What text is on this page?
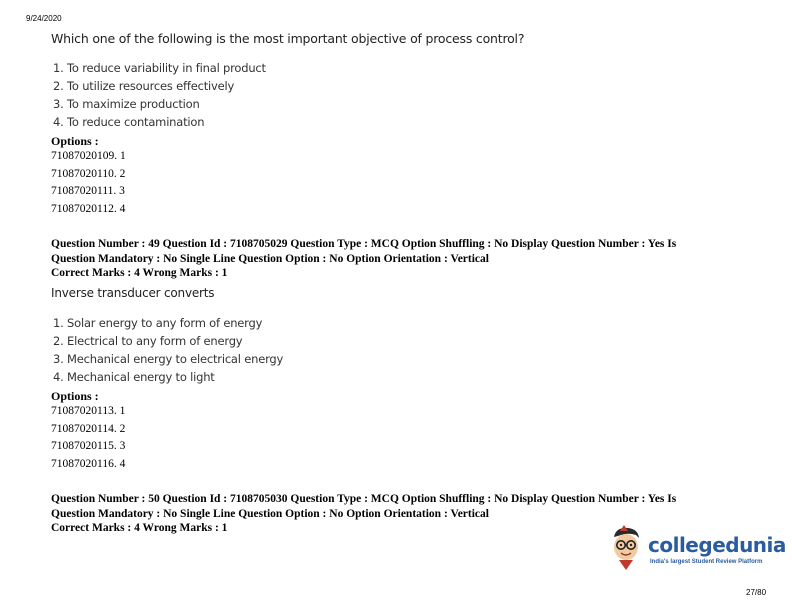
9/24/2020
Which one of the following is the most important objective of process control?
1. To reduce variability in final product
2. To utilize resources effectively
3. To maximize production
4. To reduce contamination
Options :
71087020109. 1
71087020110. 2
71087020111. 3
71087020112. 4
Question Number : 49 Question Id : 7108705029 Question Type : MCQ Option Shuffling : No Display Question Number : Yes Is
Question Mandatory : No Single Line Question Option : No Option Orientation : Vertical
Correct Marks : 4 Wrong Marks : 1
Inverse transducer converts
1. Solar energy to any form of energy
2. Electrical to any form of energy
3. Mechanical energy to electrical energy
4. Mechanical energy to light
Options :
71087020113. 1
71087020114. 2
71087020115. 3
71087020116. 4
Question Number : 50 Question Id : 7108705030 Question Type : MCQ Option Shuffling : No Display Question Number : Yes Is
Question Mandatory : No Single Line Question Option : No Option Orientation : Vertical
Correct Marks : 4 Wrong Marks : 1
collegedunia
India's largest Student Review Platform
27/80
